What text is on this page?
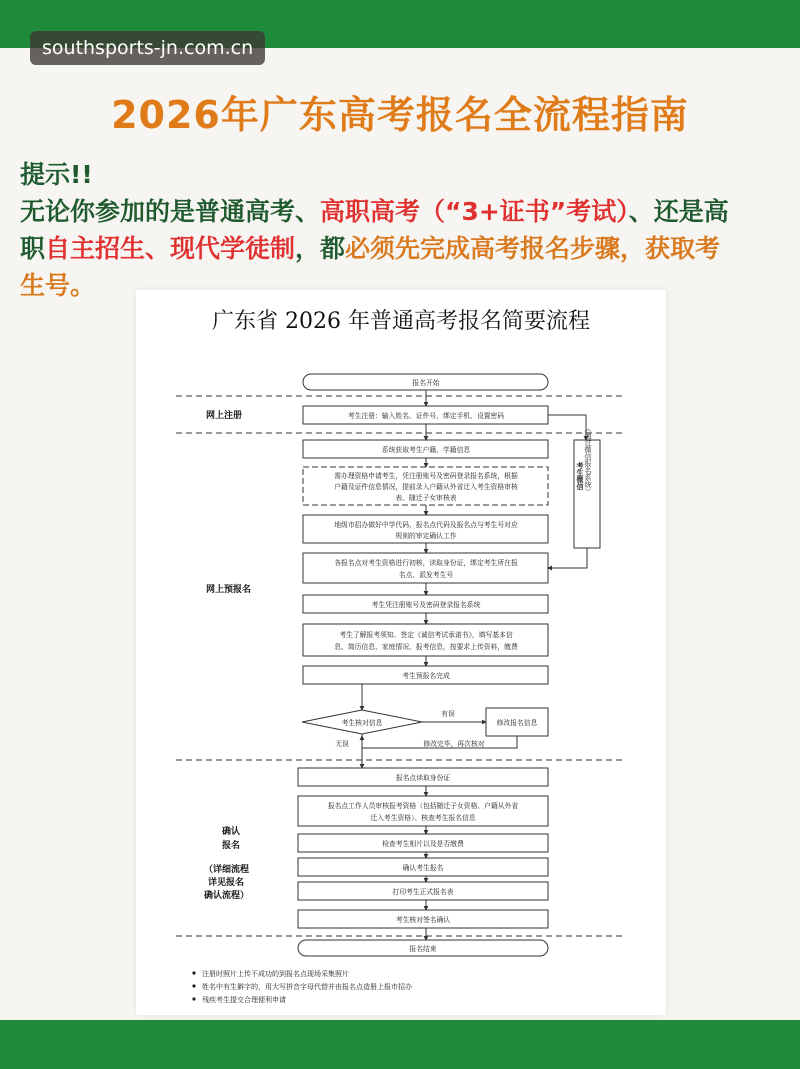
southsports-jn.com.cn
2026年广东高考报名全流程指南
提示!!
无论你参加的是普通高考、高职高考（“3+证书”考试）、还是高
职自主招生、现代学徒制，都必须先完成高考报名步骤，获取考
生号。
广东省 2026 年普通高考报名简要流程
网上注册
网上预报名
确认
报名
（详细流程
详见报名
确认流程）
报名开始
考生注册：输入姓名、证件号、绑定手机、设置密码
系统获取考生户籍、学籍信息
需办理资格申请考生，凭注册账号及密码登录报名系统，根据
户籍及证件信息情况，提前录入户籍从外省迁入考生资格审核
表、随迁子女审核表
地级市招办做好中学代码、报名点代码及报名点与考生号对应
规则的审定确认工作
各报名点对考生资格进行初核，读取身份证，绑定考生所在报
名点、派发考生号
考生凭注册账号及密码登录报名系统
考生了解报考须知、签定《诚信考试承诺书》，填写基本信
息、简历信息、家庭情况、报考信息，按要求上传资料，缴费
考生预报名完成
考生核对信息	修改报名信息
有误
无误	修改完毕，再次核对
报名点读取身份证
报名点工作人员审核报考资格（包括随迁子女资格、户籍从外省
迁入考生资格）、核查考生报名信息
检查考生相片以及是否缴费
确认考生报名
打印考生正式报名表
考生核对签名确认
报名结束
（通过微信报名系统）
考生微信
注册时照片上传不成功的到报名点现场采集照片
姓名中有生僻字的，用大写拼音字母代替并由报名点造册上报市招办
残疾考生提交合理便利申请
